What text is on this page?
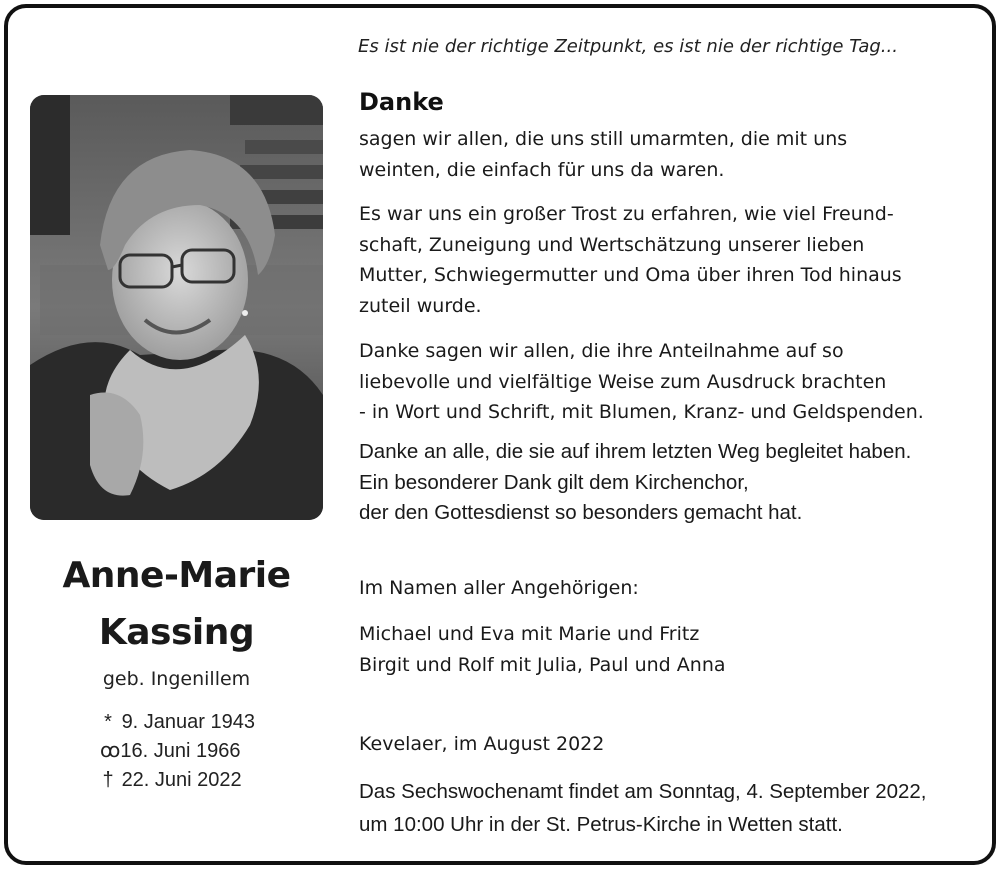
Anne-Marie
Kassing
geb. Ingenillem
* 9. Januar 1943
ꝏ16. Juni 1966
† 22. Juni 2022
Es ist nie der richtige Zeitpunkt, es ist nie der richtige Tag...
Danke
sagen wir allen, die uns still umarmten, die mit uns
weinten, die einfach für uns da waren.
Es war uns ein großer Trost zu erfahren, wie viel Freund-
schaft, Zuneigung und Wertschätzung unserer lieben
Mutter, Schwiegermutter und Oma über ihren Tod hinaus
zuteil wurde.
Danke sagen wir allen, die ihre Anteilnahme auf so
liebevolle und vielfältige Weise zum Ausdruck brachten
- in Wort und Schrift, mit Blumen, Kranz- und Geldspenden.
Danke an alle, die sie auf ihrem letzten Weg begleitet haben.
Ein besonderer Dank gilt dem Kirchenchor,
der den Gottesdienst so besonders gemacht hat.
Im Namen aller Angehörigen:
Michael und Eva mit Marie und Fritz
Birgit und Rolf mit Julia, Paul und Anna
Kevelaer, im August 2022
Das Sechswochenamt findet am Sonntag, 4. September 2022,
um 10:00 Uhr in der St. Petrus-Kirche in Wetten statt.
